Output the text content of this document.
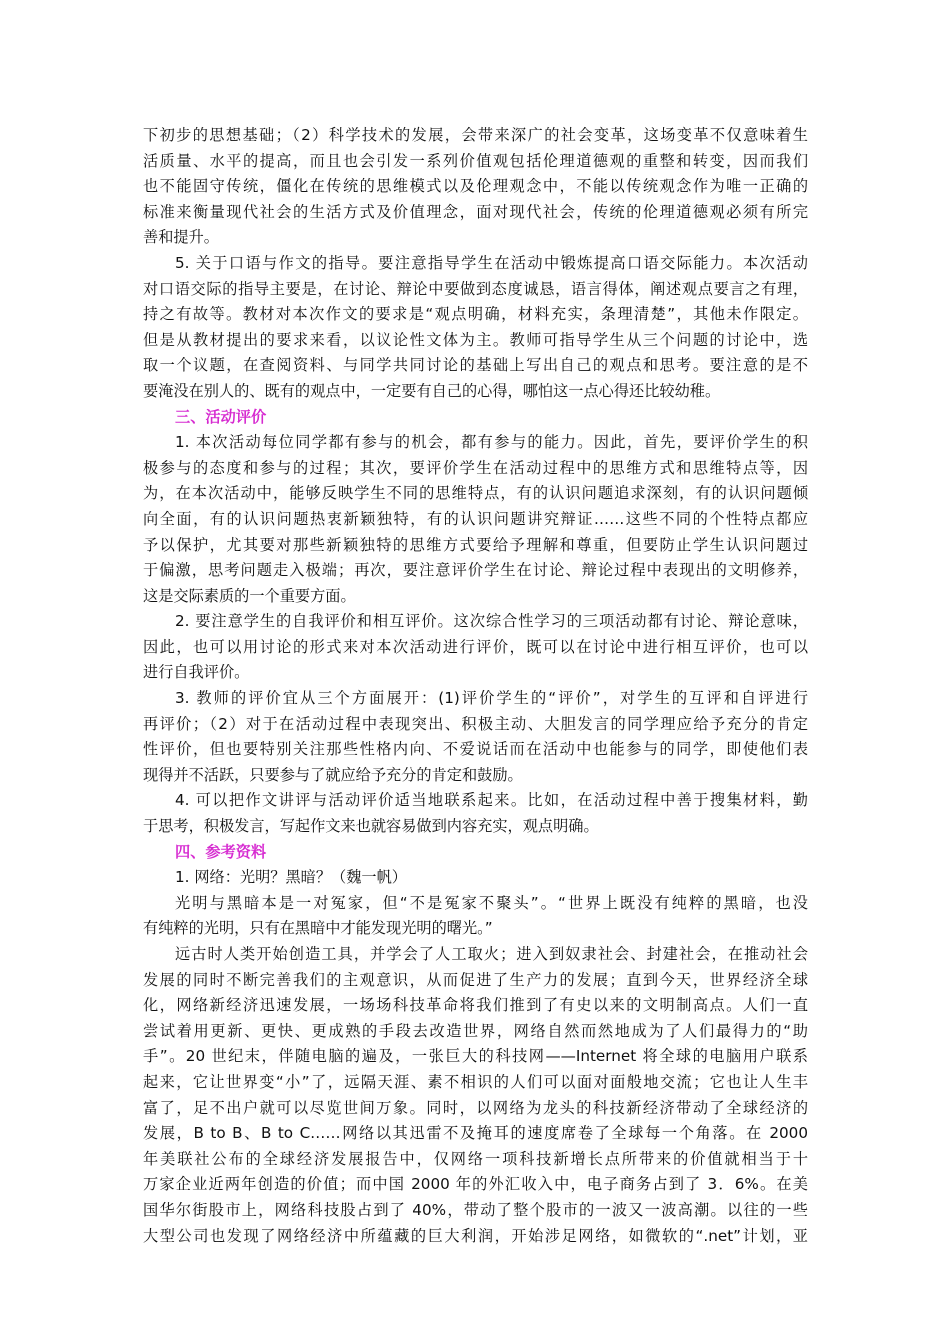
下初步的思想基础；（2）科学技术的发展，会带来深广的社会变革，这场变革不仅意味着生
活质量、水平的提高，而且也会引发一系列价值观包括伦理道德观的重整和转变，因而我们
也不能固守传统，僵化在传统的思维模式以及伦理观念中，不能以传统观念作为唯一正确的
标准来衡量现代社会的生活方式及价值理念，面对现代社会，传统的伦理道德观必须有所完
善和提升。
5. 关于口语与作文的指导。要注意指导学生在活动中锻炼提高口语交际能力。本次活动
对口语交际的指导主要是，在讨论、辩论中要做到态度诚恳，语言得体，阐述观点要言之有理，
持之有故等。教材对本次作文的要求是“观点明确，材料充实，条理清楚”，其他未作限定。
但是从教材提出的要求来看，以议论性文体为主。教师可指导学生从三个问题的讨论中，选
取一个议题，在查阅资料、与同学共同讨论的基础上写出自己的观点和思考。要注意的是不
要淹没在别人的、既有的观点中，一定要有自己的心得，哪怕这一点心得还比较幼稚。
三、活动评价
1. 本次活动每位同学都有参与的机会，都有参与的能力。因此，首先，要评价学生的积
极参与的态度和参与的过程；其次，要评价学生在活动过程中的思维方式和思维特点等，因
为，在本次活动中，能够反映学生不同的思维特点，有的认识问题追求深刻，有的认识问题倾
向全面，有的认识问题热衷新颖独特，有的认识问题讲究辩证……这些不同的个性特点都应
予以保护，尤其要对那些新颖独特的思维方式要给予理解和尊重，但要防止学生认识问题过
于偏激，思考问题走入极端；再次，要注意评价学生在讨论、辩论过程中表现出的文明修养，
这是交际素质的一个重要方面。
2. 要注意学生的自我评价和相互评价。这次综合性学习的三项活动都有讨论、辩论意味，
因此，也可以用讨论的形式来对本次活动进行评价，既可以在讨论中进行相互评价，也可以
进行自我评价。
3. 教师的评价宜从三个方面展开：(1)评价学生的“评价”，对学生的互评和自评进行
再评价；（2）对于在活动过程中表现突出、积极主动、大胆发言的同学理应给予充分的肯定
性评价，但也要特别关注那些性格内向、不爱说话而在活动中也能参与的同学，即使他们表
现得并不活跃，只要参与了就应给予充分的肯定和鼓励。
4. 可以把作文讲评与活动评价适当地联系起来。比如，在活动过程中善于搜集材料，勤
于思考，积极发言，写起作文来也就容易做到内容充实，观点明确。
四、参考资料
1. 网络：光明？黑暗？（魏一帆）
光明与黑暗本是一对冤家，但“不是冤家不聚头”。“世界上既没有纯粹的黑暗，也没
有纯粹的光明，只有在黑暗中才能发现光明的曙光。”
远古时人类开始创造工具，并学会了人工取火；进入到奴隶社会、封建社会，在推动社会
发展的同时不断完善我们的主观意识，从而促进了生产力的发展；直到今天，世界经济全球
化，网络新经济迅速发展，一场场科技革命将我们推到了有史以来的文明制高点。人们一直
尝试着用更新、更快、更成熟的手段去改造世界，网络自然而然地成为了人们最得力的“助
手”。20 世纪末，伴随电脑的遍及，一张巨大的科技网——Internet 将全球的电脑用户联系
起来，它让世界变“小”了，远隔天涯、素不相识的人们可以面对面般地交流；它也让人生丰
富了，足不出户就可以尽览世间万象。同时，以网络为龙头的科技新经济带动了全球经济的
发展，B to B、B to C……网络以其迅雷不及掩耳的速度席卷了全球每一个角落。在 2000
年美联社公布的全球经济发展报告中，仅网络一项科技新增长点所带来的价值就相当于十
万家企业近两年创造的价值；而中国 2000 年的外汇收入中，电子商务占到了 3．6%。在美
国华尔街股市上，网络科技股占到了 40%，带动了整个股市的一波又一波高潮。以往的一些
大型公司也发现了网络经济中所蕴藏的巨大利润，开始涉足网络，如微软的“.net”计划，亚
